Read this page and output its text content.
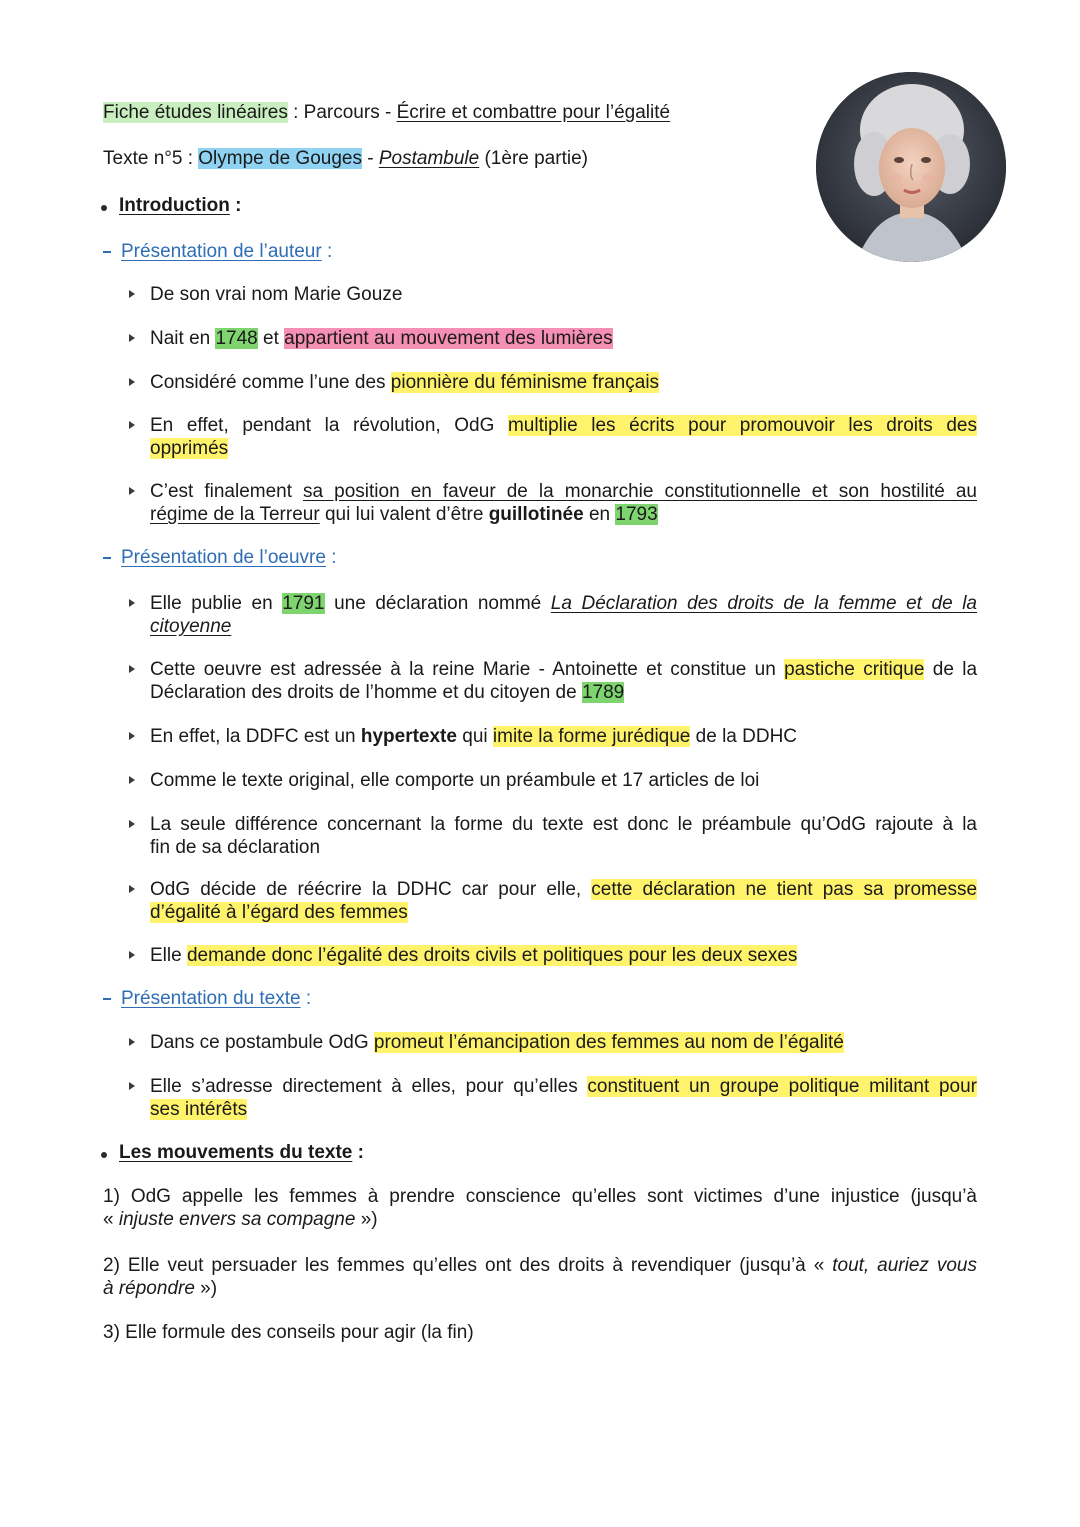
Fiche études linéaires : Parcours - Écrire et combattre pour l’égalité
Texte n°5 : Olympe de Gouges - Postambule (1ère partie)
Introduction :
Présentation de l’auteur :
De son vrai nom Marie Gouze
Nait en 1748 et appartient au mouvement des lumières
Considéré comme l’une des pionnière du féminisme français
En effet, pendant la révolution, OdG multiplie les écrits pour promouvoir les droits des
opprimés
C’est finalement sa position en faveur de la monarchie constitutionnelle et son hostilité au
régime de la Terreur qui lui valent d’être guillotinée en 1793
Présentation de l’oeuvre :
Elle publie en 1791 une déclaration nommé La Déclaration des droits de la femme et de la
citoyenne
Cette oeuvre est adressée à la reine Marie - Antoinette et constitue un pastiche critique de la
Déclaration des droits de l’homme et du citoyen de 1789
En effet, la DDFC est un hypertexte qui imite la forme jurédique de la DDHC
Comme le texte original, elle comporte un préambule et 17 articles de loi
La seule différence concernant la forme du texte est donc le préambule qu’OdG rajoute à la
fin de sa déclaration
OdG décide de réécrire la DDHC car pour elle, cette déclaration ne tient pas sa promesse
d’égalité à l’égard des femmes
Elle demande donc l’égalité des droits civils et politiques pour les deux sexes
Présentation du texte :
Dans ce postambule OdG promeut l’émancipation des femmes au nom de l’égalité
Elle s’adresse directement à elles, pour qu’elles constituent un groupe politique militant pour
ses intérêts
Les mouvements du texte :
1) OdG appelle les femmes à prendre conscience qu’elles sont victimes d’une injustice (jusqu’à
« injuste envers sa compagne »)
2) Elle veut persuader les femmes qu’elles ont des droits à revendiquer (jusqu’à « tout, auriez vous
à répondre »)
3) Elle formule des conseils pour agir (la fin)
